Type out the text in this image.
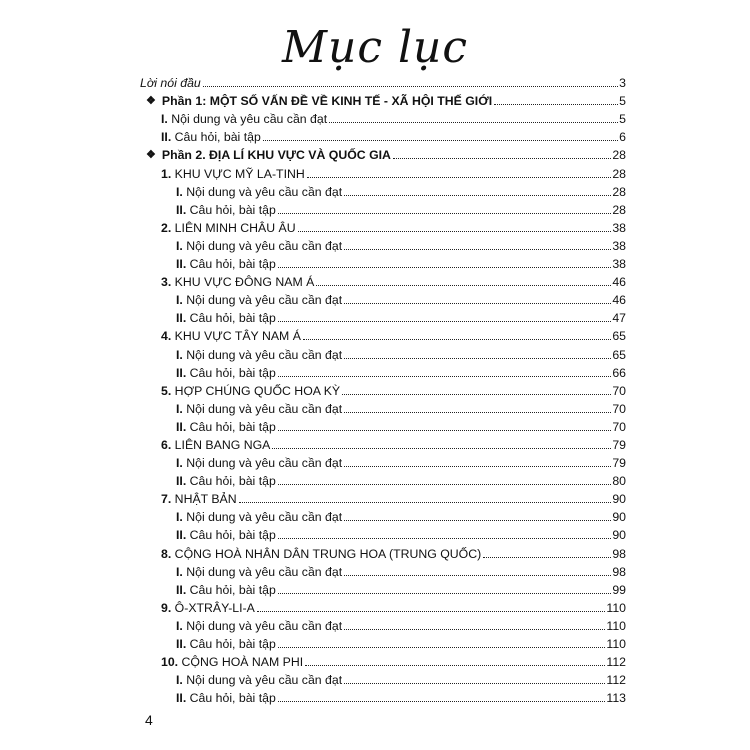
Mục lục
Lời nói đầu	3
❖ Phần 1: MỘT SỐ VẤN ĐỀ VỀ KINH TẾ - XÃ HỘI THẾ GIỚI	5
I. Nội dung và yêu cầu cần đạt	5
II. Câu hỏi, bài tập	6
❖ Phần 2. ĐỊA LÍ KHU VỰC VÀ QUỐC GIA	28
1. KHU VỰC MỸ LA-TINH	28
I. Nội dung và yêu cầu cần đạt	28
II. Câu hỏi, bài tập	28
2. LIÊN MINH CHÂU ÂU	38
I. Nội dung và yêu cầu cần đạt	38
II. Câu hỏi, bài tập	38
3. KHU VỰC ĐÔNG NAM Á	46
I. Nội dung và yêu cầu cần đạt	46
II. Câu hỏi, bài tập	47
4. KHU VỰC TÂY NAM Á	65
I. Nội dung và yêu cầu cần đạt	65
II. Câu hỏi, bài tập	66
5. HỢP CHÚNG QUỐC HOA KỲ	70
I. Nội dung và yêu cầu cần đạt	70
II. Câu hỏi, bài tập	70
6. LIÊN BANG NGA	79
I. Nội dung và yêu cầu cần đạt	79
II. Câu hỏi, bài tập	80
7. NHẬT BẢN	90
I. Nội dung và yêu cầu cần đạt	90
II. Câu hỏi, bài tập	90
8. CỘNG HOÀ NHÂN DÂN TRUNG HOA (TRUNG QUỐC)	98
I. Nội dung và yêu cầu cần đạt	98
II. Câu hỏi, bài tập	99
9. Ô-XTRÂY-LI-A	110
I. Nội dung và yêu cầu cần đạt	110
II. Câu hỏi, bài tập	110
10. CỘNG HOÀ NAM PHI	112
I. Nội dung và yêu cầu cần đạt	112
II. Câu hỏi, bài tập	113
4
